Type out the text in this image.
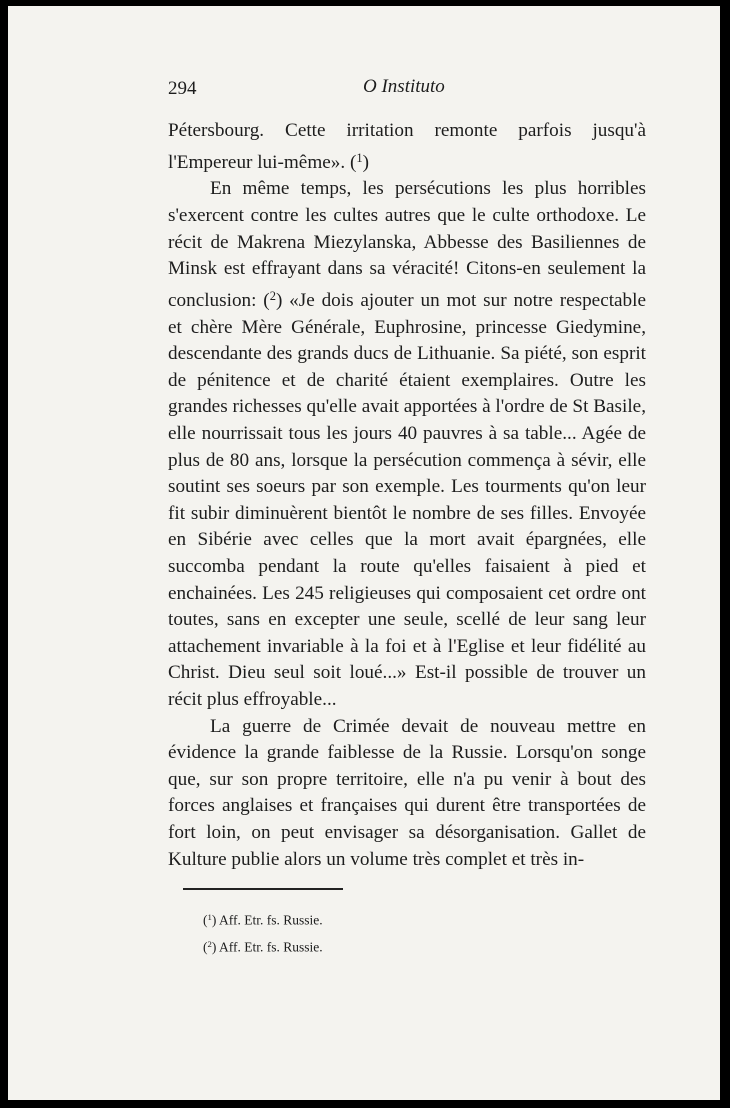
294	O Instituto

Pétersbourg. Cette irritation remonte parfois jusqu'à l'Empereur lui-même». ($^1$)

En même temps, les persécutions les plus horribles s'exercent contre les cultes autres que le culte orthodoxe. Le récit de Makrena Miezylanska, Abbesse des Basiliennes de Minsk est effrayant dans sa véracité! Citons-en seulement la conclusion: ($^2$) «Je dois ajouter un mot sur notre respectable et chère Mère Générale, Euphrosine, princesse Giedymine, descendante des grands ducs de Lithuanie. Sa piété, son esprit de pénitence et de charité étaient exemplaires. Outre les grandes richesses qu'elle avait apportées à l'ordre de St Basile, elle nourrissait tous les jours 40 pauvres à sa table... Agée de plus de 80 ans, lorsque la persécution commença à sévir, elle soutint ses soeurs par son exemple. Les tourments qu'on leur fit subir diminuèrent bientôt le nombre de ses filles. Envoyée en Sibérie avec celles que la mort avait épargnées, elle succomba pendant la route qu'elles faisaient à pied et enchainées. Les 245 religieuses qui composaient cet ordre ont toutes, sans en excepter une seule, scellé de leur sang leur attachement invariable à la foi et à l'Eglise et leur fidélité au Christ. Dieu seul soit loué...» Est-il possible de trouver un récit plus effroyable...

La guerre de Crimée devait de nouveau mettre en évidence la grande faiblesse de la Russie. Lorsqu'on songe que, sur son propre territoire, elle n'a pu venir à bout des forces anglaises et françaises qui durent être transportées de fort loin, on peut envisager sa désorganisation. Gallet de Kulture publie alors un volume très complet et très in-

($^1$) Aff. Etr. fs. Russie.
($^2$) Aff. Etr. fs. Russie.
